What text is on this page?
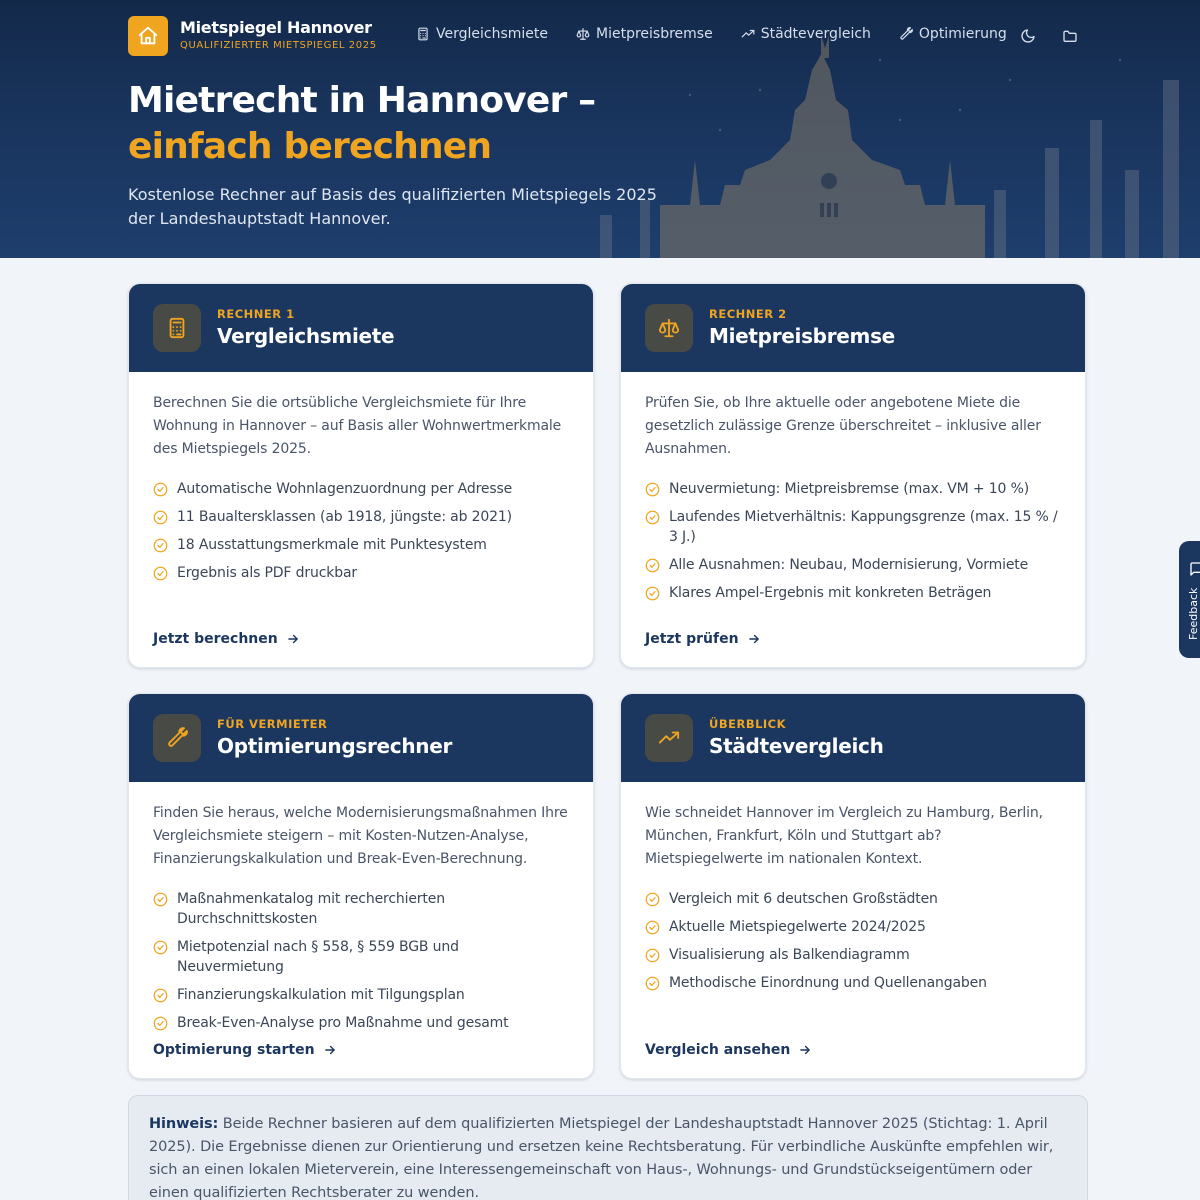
Mietspiegel Hannover
QUALIFIZIERTER MIETSPIEGEL 2025
Vergleichsmiete	Mietpreisbremse	Städtevergleich	Optimierung
Mietrecht in Hannover –
einfach berechnen

Kostenlose Rechner auf Basis des qualifizierten Mietspiegels 2025 der Landeshauptstadt Hannover.

RECHNER 1
Vergleichsmiete

Berechnen Sie die ortsübliche Vergleichsmiete für Ihre Wohnung in Hannover – auf Basis aller Wohnwertmerkmale des Mietspiegels 2025.

Automatische Wohnlagenzuordnung per Adresse
11 Baualtersklassen (ab 1918, jüngste: ab 2021)
18 Ausstattungsmerkmale mit Punktesystem
Ergebnis als PDF druckbar
Jetzt berechnen
RECHNER 2
Mietpreisbremse

Prüfen Sie, ob Ihre aktuelle oder angebotene Miete die gesetzlich zulässige Grenze überschreitet – inklusive aller Ausnahmen.

Neuvermietung: Mietpreisbremse (max. VM + 10 %)
Laufendes Mietverhältnis: Kappungsgrenze (max. 15 % / 3 J.)
Alle Ausnahmen: Neubau, Modernisierung, Vormiete
Klares Ampel-Ergebnis mit konkreten Beträgen
Jetzt prüfen
FÜR VERMIETER
Optimierungsrechner

Finden Sie heraus, welche Modernisierungsmaßnahmen Ihre Vergleichsmiete steigern – mit Kosten-Nutzen-Analyse, Finanzierungskalkulation und Break-Even-Berechnung.

Maßnahmenkatalog mit recherchierten Durchschnittskosten
Mietpotenzial nach § 558, § 559 BGB und Neuvermietung
Finanzierungskalkulation mit Tilgungsplan
Break-Even-Analyse pro Maßnahme und gesamt
Optimierung starten
ÜBERBLICK
Städtevergleich

Wie schneidet Hannover im Vergleich zu Hamburg, Berlin, München, Frankfurt, Köln und Stuttgart ab? Mietspiegelwerte im nationalen Kontext.

Vergleich mit 6 deutschen Großstädten
Aktuelle Mietspiegelwerte 2024/2025
Visualisierung als Balkendiagramm
Methodische Einordnung und Quellenangaben
Vergleich ansehen
Hinweis: Beide Rechner basieren auf dem qualifizierten Mietspiegel der Landeshauptstadt Hannover 2025 (Stichtag: 1. April 2025). Die Ergebnisse dienen zur Orientierung und ersetzen keine Rechtsberatung. Für verbindliche Auskünfte empfehlen wir, sich an einen lokalen Mieterverein, eine Interessengemeinschaft von Haus-, Wohnungs- und Grundstückseigentümern oder einen qualifizierten Rechtsberater zu wenden.
Feedback
